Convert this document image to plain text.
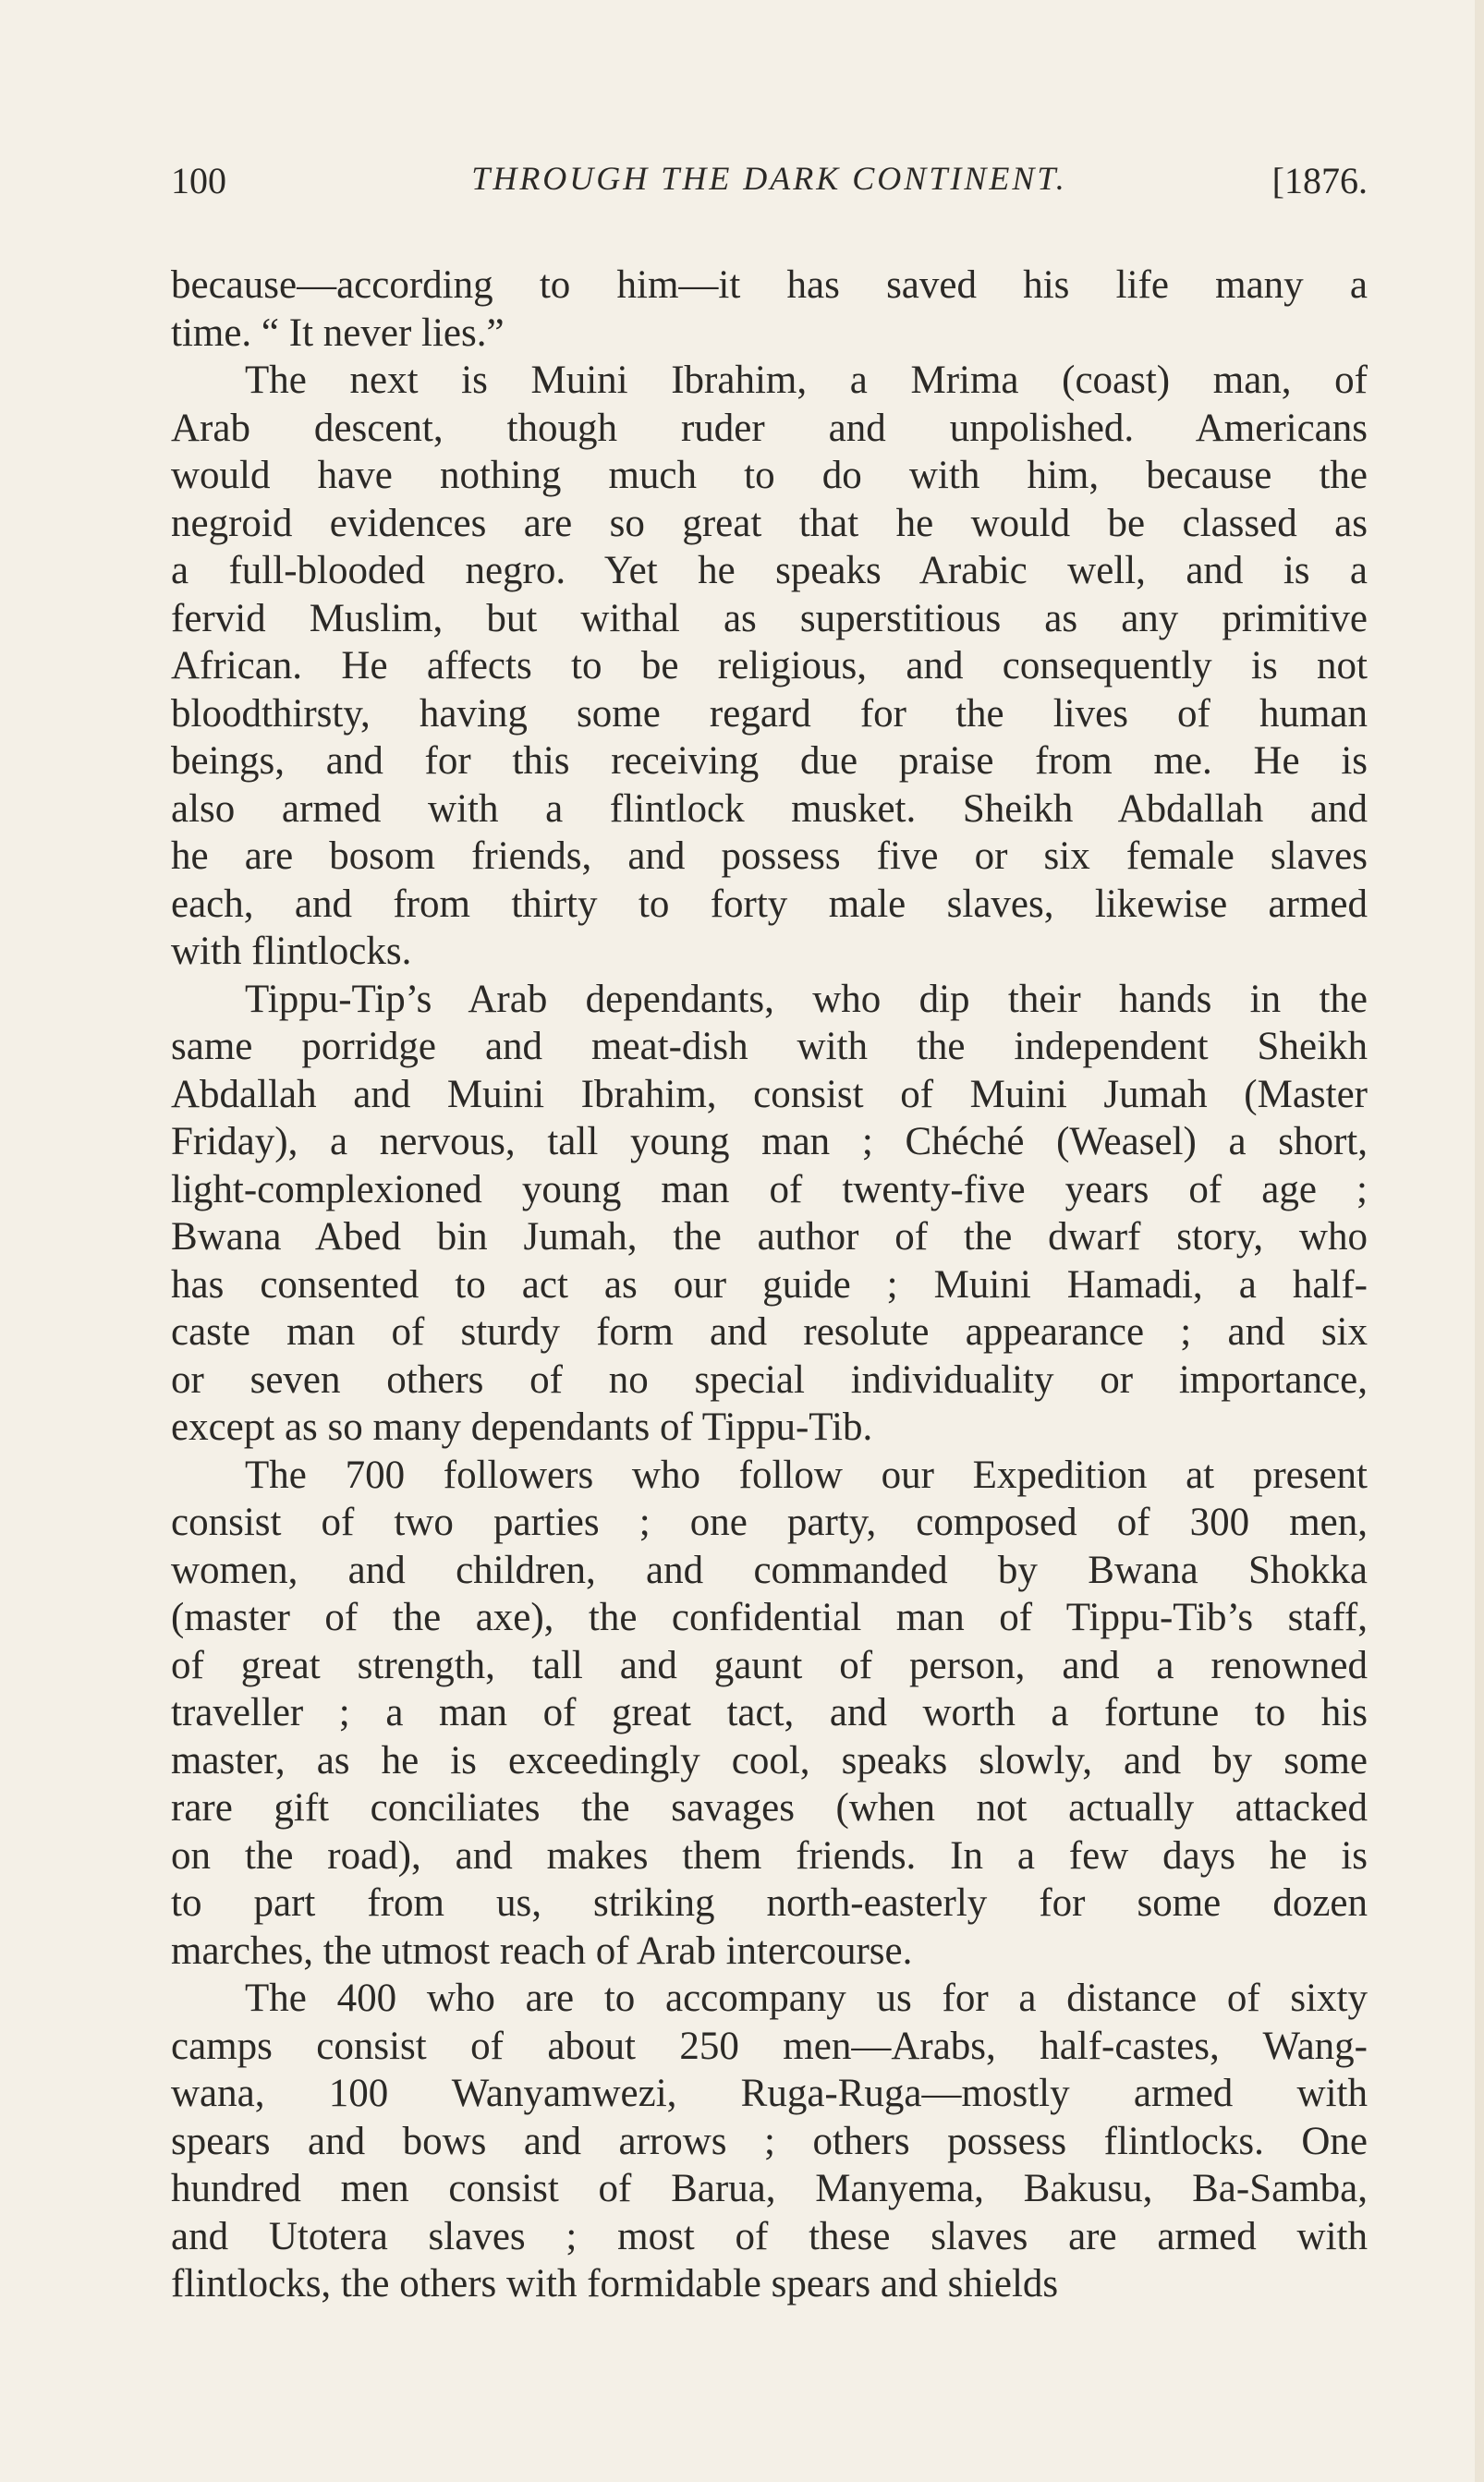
100	THROUGH THE DARK CONTINENT.	[1876.
because—according to him—it has saved his life many a
time. “ It never lies.”
The next is Muini Ibrahim, a Mrima (coast) man, of
Arab descent, though ruder and unpolished. Americans
would have nothing much to do with him, because the
negroid evidences are so great that he would be classed as
a full-blooded negro. Yet he speaks Arabic well, and is a
fervid Muslim, but withal as superstitious as any primitive
African. He affects to be religious, and consequently is not
bloodthirsty, having some regard for the lives of human
beings, and for this receiving due praise from me. He is
also armed with a flintlock musket. Sheikh Abdallah and
he are bosom friends, and possess five or six female slaves
each, and from thirty to forty male slaves, likewise armed
with flintlocks.
Tippu-Tip’s Arab dependants, who dip their hands in the
same porridge and meat-dish with the independent Sheikh
Abdallah and Muini Ibrahim, consist of Muini Jumah (Master
Friday), a nervous, tall young man ; Chéché (Weasel) a short,
light-complexioned young man of twenty-five years of age ;
Bwana Abed bin Jumah, the author of the dwarf story, who
has consented to act as our guide ; Muini Hamadi, a half-
caste man of sturdy form and resolute appearance ; and six
or seven others of no special individuality or importance,
except as so many dependants of Tippu-Tib.
The 700 followers who follow our Expedition at present
consist of two parties ; one party, composed of 300 men,
women, and children, and commanded by Bwana Shokka
(master of the axe), the confidential man of Tippu-Tib’s staff,
of great strength, tall and gaunt of person, and a renowned
traveller ; a man of great tact, and worth a fortune to his
master, as he is exceedingly cool, speaks slowly, and by some
rare gift conciliates the savages (when not actually attacked
on the road), and makes them friends. In a few days he is
to part from us, striking north-easterly for some dozen
marches, the utmost reach of Arab intercourse.
The 400 who are to accompany us for a distance of sixty
camps consist of about 250 men—Arabs, half-castes, Wang-
wana, 100 Wanyamwezi, Ruga-Ruga—mostly armed with
spears and bows and arrows ; others possess flintlocks. One
hundred men consist of Barua, Manyema, Bakusu, Ba-Samba,
and Utotera slaves ; most of these slaves are armed with
flintlocks, the others with formidable spears and shields
